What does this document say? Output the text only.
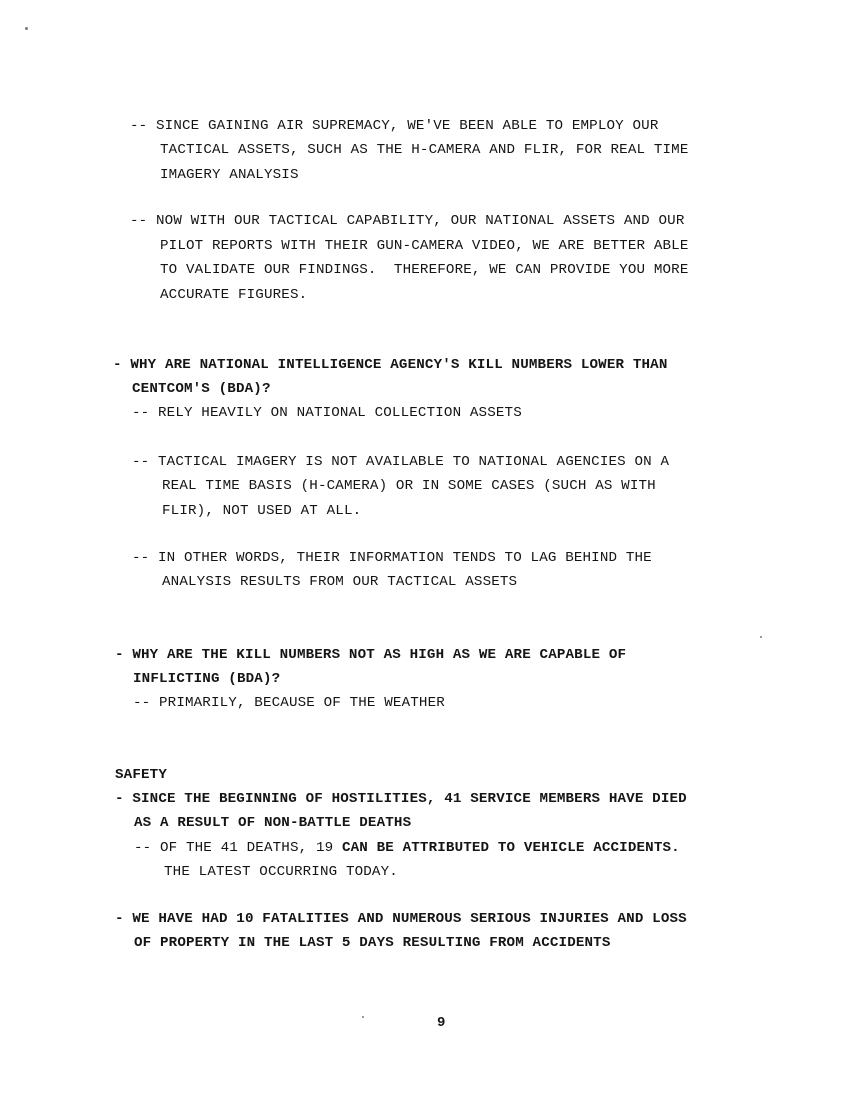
-- SINCE GAINING AIR SUPREMACY, WE'VE BEEN ABLE TO EMPLOY OUR

TACTICAL ASSETS, SUCH AS THE H-CAMERA AND FLIR, FOR REAL TIME

IMAGERY ANALYSIS

-- NOW WITH OUR TACTICAL CAPABILITY, OUR NATIONAL ASSETS AND OUR

PILOT REPORTS WITH THEIR GUN-CAMERA VIDEO, WE ARE BETTER ABLE

TO VALIDATE OUR FINDINGS.  THEREFORE, WE CAN PROVIDE YOU MORE

ACCURATE FIGURES.

- WHY ARE NATIONAL INTELLIGENCE AGENCY'S KILL NUMBERS LOWER THAN

CENTCOM'S (BDA)?

-- RELY HEAVILY ON NATIONAL COLLECTION ASSETS

-- TACTICAL IMAGERY IS NOT AVAILABLE TO NATIONAL AGENCIES ON A

REAL TIME BASIS (H-CAMERA) OR IN SOME CASES (SUCH AS WITH

FLIR), NOT USED AT ALL.

-- IN OTHER WORDS, THEIR INFORMATION TENDS TO LAG BEHIND THE

ANALYSIS RESULTS FROM OUR TACTICAL ASSETS

- WHY ARE THE KILL NUMBERS NOT AS HIGH AS WE ARE CAPABLE OF

INFLICTING (BDA)?

-- PRIMARILY, BECAUSE OF THE WEATHER

SAFETY

- SINCE THE BEGINNING OF HOSTILITIES, 41 SERVICE MEMBERS HAVE DIED

AS A RESULT OF NON-BATTLE DEATHS

-- OF THE 41 DEATHS, 19 CAN BE ATTRIBUTED TO VEHICLE ACCIDENTS.

THE LATEST OCCURRING TODAY.

- WE HAVE HAD 10 FATALITIES AND NUMEROUS SERIOUS INJURIES AND LOSS

OF PROPERTY IN THE LAST 5 DAYS RESULTING FROM ACCIDENTS

9
